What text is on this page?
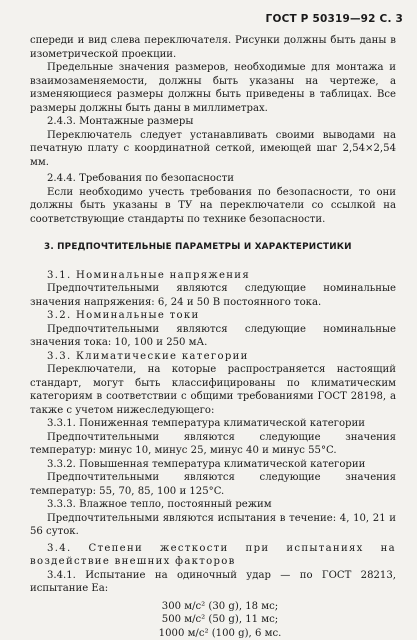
ГОСТ Р 50319—92 С. 3

спереди и вид слева переключателя. Рисунки должны быть даны в изометрической проекции.

Предельные значения размеров, необходимые для монтажа и взаимозаменяемости, должны быть указаны на чертеже, а изменяющиеся размеры должны быть приведены в таблицах. Все размеры должны быть даны в миллиметрах.

2.4.3. Монтажные размеры

Переключатель следует устанавливать своими выводами на печатную плату с координатной сеткой, имеющей шаг 2,54×2,54 мм.

2.4.4. Требования по безопасности

Если необходимо учесть требования по безопасности, то они должны быть указаны в ТУ на переключатели со ссылкой на соответствующие стандарты по технике безопасности.

3. ПРЕДПОЧТИТЕЛЬНЫЕ ПАРАМЕТРЫ И ХАРАКТЕРИСТИКИ

3.1. Номинальные напряжения

Предпочтительными являются следующие номинальные значения напряжения: 6, 24 и 50 В постоянного тока.

3.2. Номинальные токи

Предпочтительными являются следующие номинальные значения тока: 10, 100 и 250 мА.

3.3. Климатические категории

Переключатели, на которые распространяется настоящий стандарт, могут быть классифицированы по климатическим категориям в соответствии с общими требованиями ГОСТ 28198, а также с учетом нижеследующего:

3.3.1. Пониженная температура климатической категории

Предпочтительными являются следующие значения температур: минус 10, минус 25, минус 40 и минус 55°C.

3.3.2. Повышенная температура климатической категории

Предпочтительными являются следующие значения температур: 55, 70, 85, 100 и 125°C.

3.3.3. Влажное тепло, постоянный режим

Предпочтительными являются испытания в течение: 4, 10, 21 и 56 суток.

3.4. Степени жесткости при испытаниях на воздействие внешних факторов

3.4.1. Испытание на одиночный удар — по ГОСТ 28213, испытание Еа:

300 м/с² (30 g), 18 мс;
500 м/с² (50 g), 11 мс;
1000 м/с² (100 g), 6 мс.
